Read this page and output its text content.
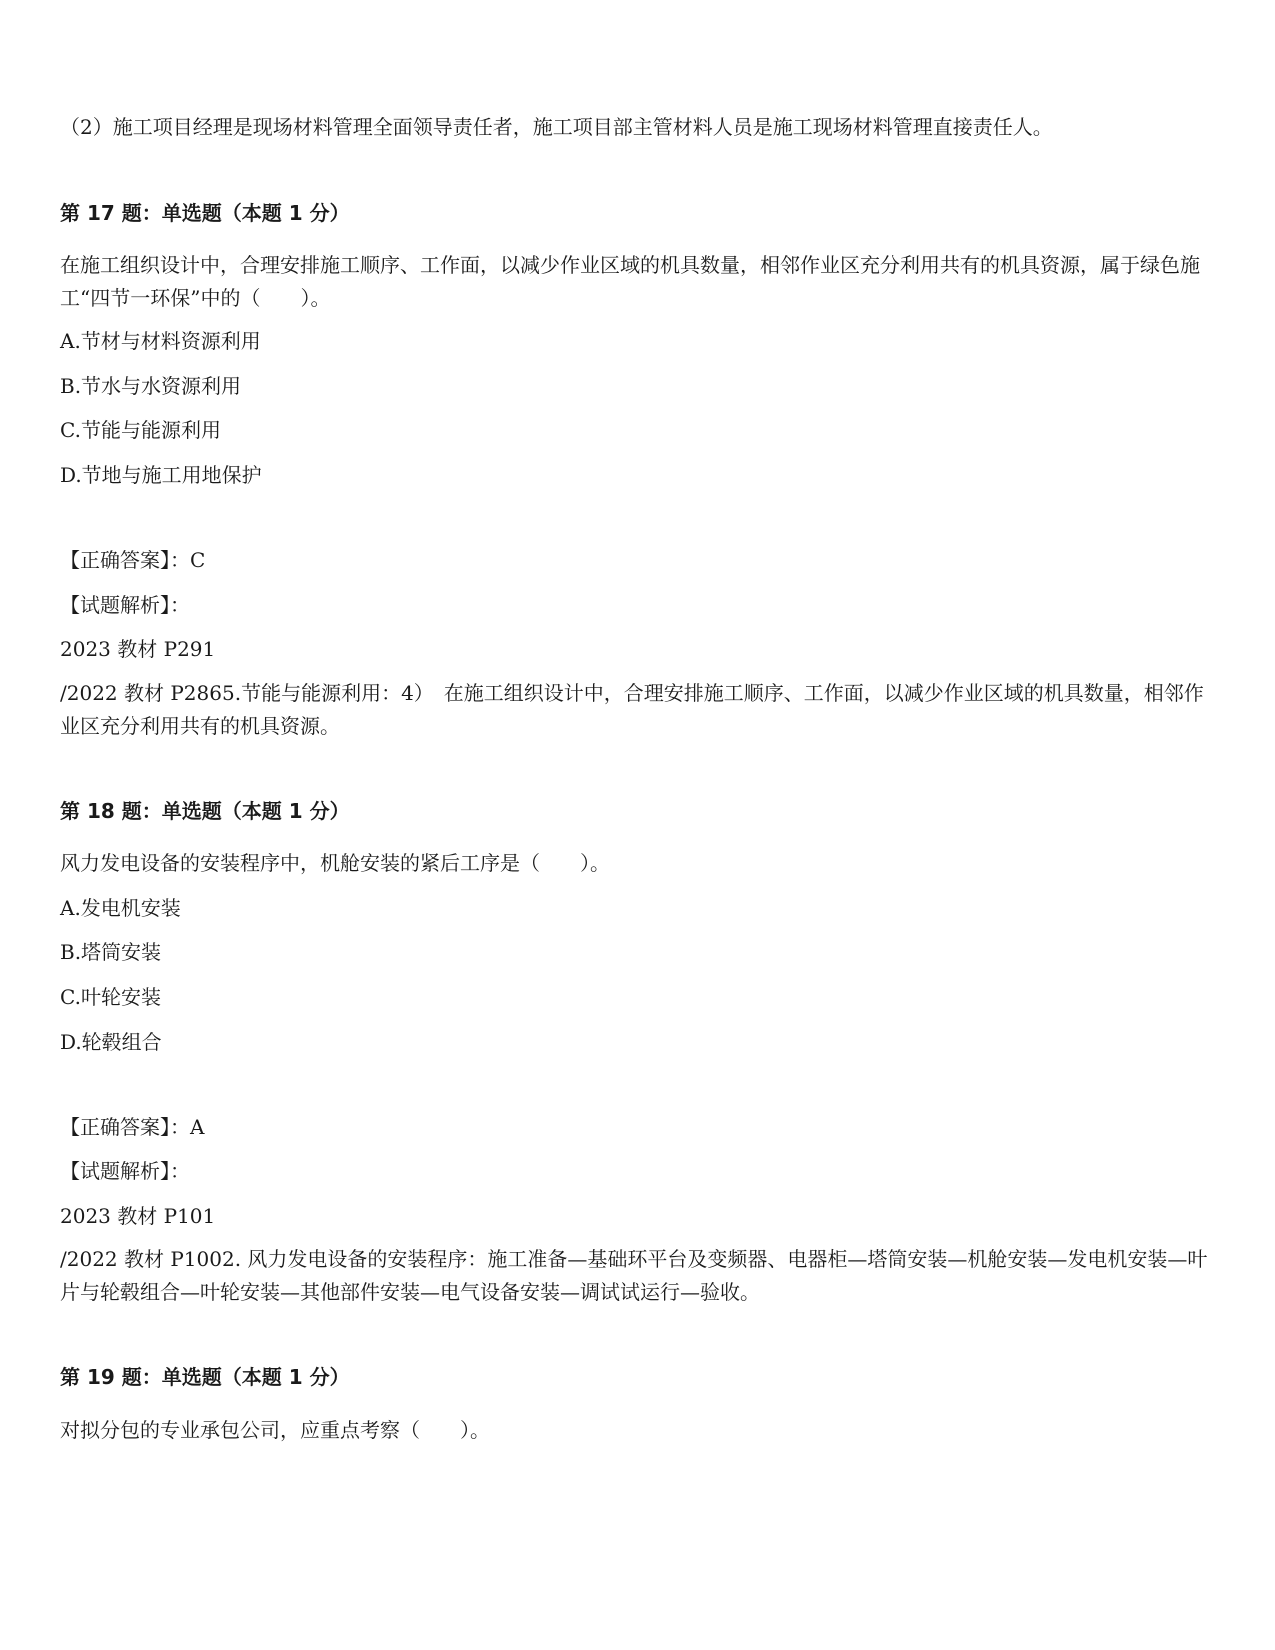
（2）施工项目经理是现场材料管理全面领导责任者，施工项目部主管材料人员是施工现场材料管理直接责任人。
第 17 题：单选题（本题 1 分）
在施工组织设计中，合理安排施工顺序、工作面，以减少作业区域的机具数量，相邻作业区充分利用共有的机具资源，属于绿色施工“四节一环保”中的（　　）。
A.节材与材料资源利用
B.节水与水资源利用
C.节能与能源利用
D.节地与施工用地保护
【正确答案】：C
【试题解析】：
2023 教材 P291
/2022 教材 P2865.节能与能源利用：4）　在施工组织设计中，合理安排施工顺序、工作面，以减少作业区域的机具数量，相邻作业区充分利用共有的机具资源。
第 18 题：单选题（本题 1 分）
风力发电设备的安装程序中，机舱安装的紧后工序是（　　）。
A.发电机安装
B.塔筒安装
C.叶轮安装
D.轮毂组合
【正确答案】：A
【试题解析】：
2023 教材 P101
/2022 教材 P1002. 风力发电设备的安装程序：施工准备—基础环平台及变频器、电器柜—塔筒安装—机舱安装—发电机安装—叶片与轮毂组合—叶轮安装—其他部件安装—电气设备安装—调试试运行—验收。
第 19 题：单选题（本题 1 分）
对拟分包的专业承包公司，应重点考察（　　）。
